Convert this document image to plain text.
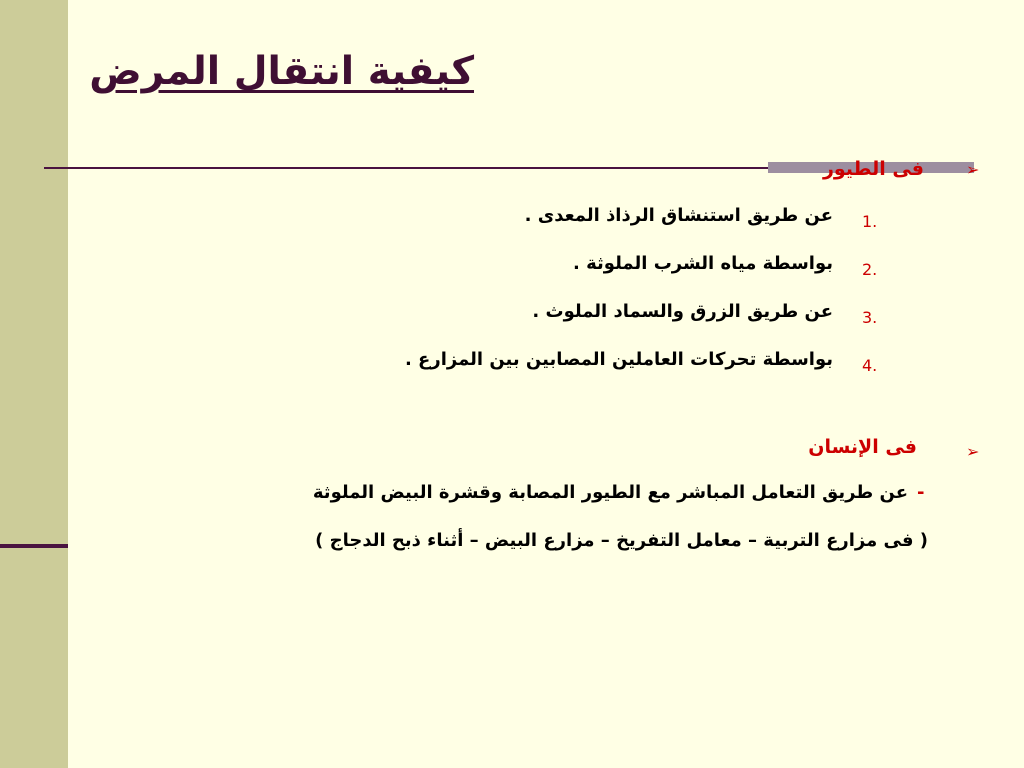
كيفية انتقال المرض
➢
فى الطيور
عن طريق استنشاق الرذاذ المعدى . 1.
بواسطة مياه الشرب الملوثة . 2.
عن طريق الزرق والسماد الملوث . 3.
بواسطة تحركات العاملين المصابين بين المزارع . 4.
➢
فى الإنسان
-
عن طريق التعامل المباشر مع الطيور المصابة وقشرة البيض الملوثة
( فى مزارع التربية – معامل التفريخ – مزارع البيض – أثناء ذبح الدجاج )
